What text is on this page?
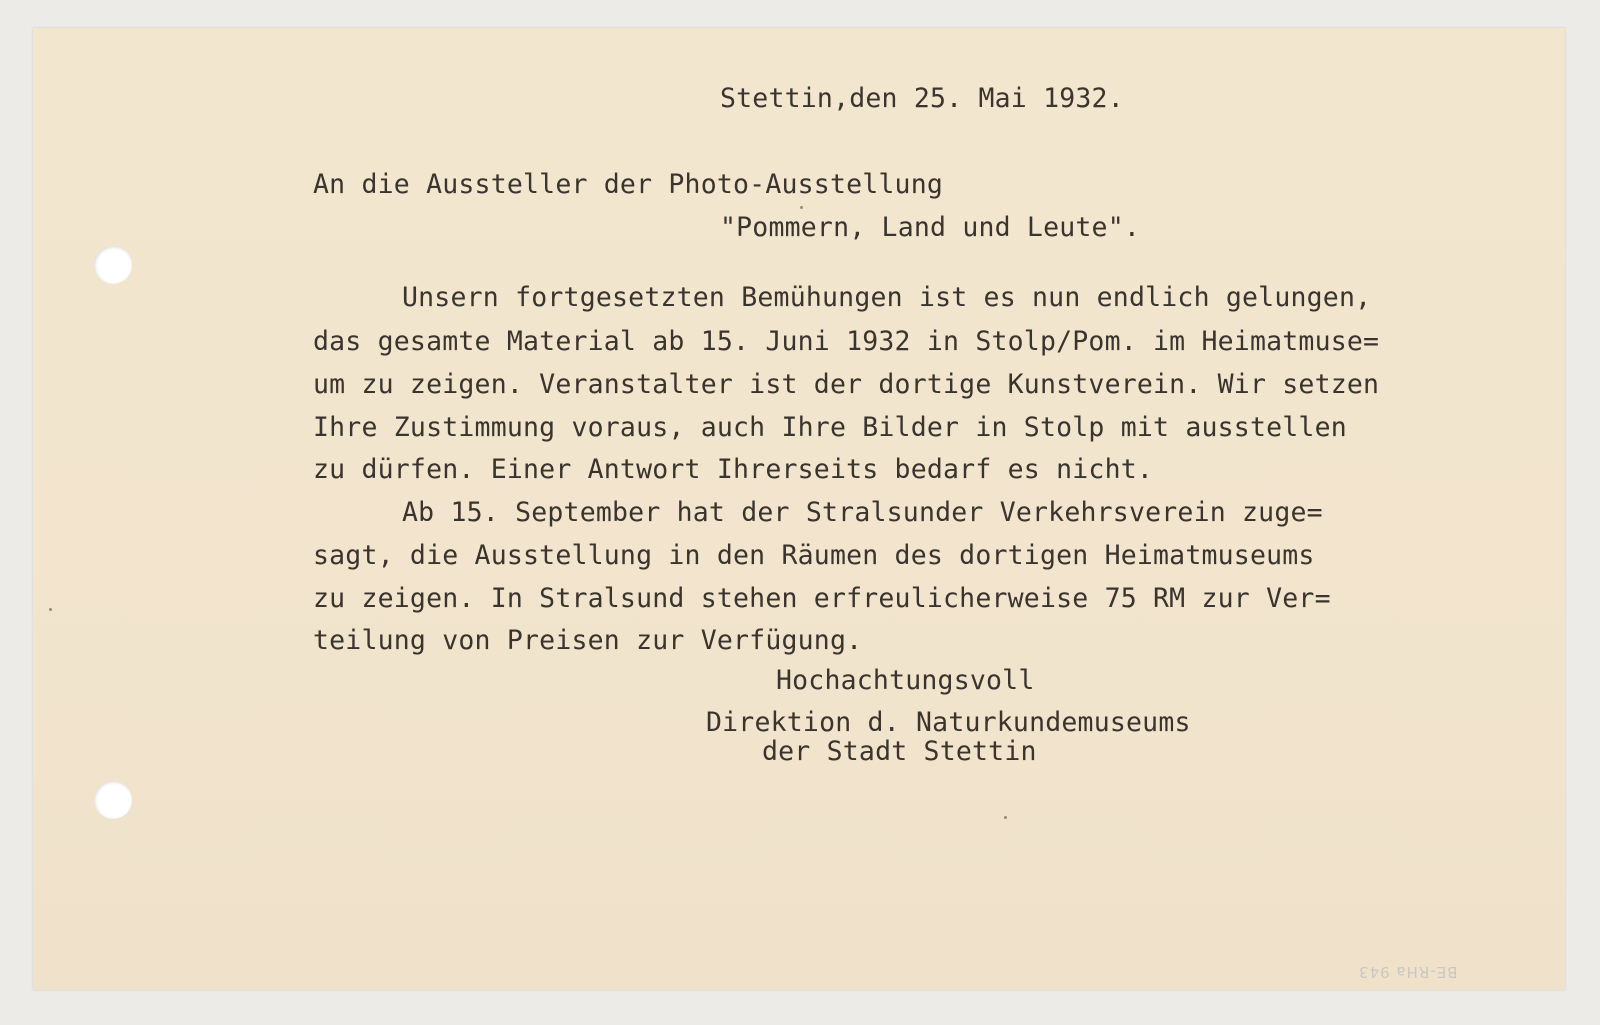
Stettin,den 25. Mai 1932.
An die Aussteller der Photo-Ausstellung
"Pommern, Land und Leute".
Unsern fortgesetzten Bemühungen ist es nun endlich gelungen,
das gesamte Material ab 15. Juni 1932 in Stolp/Pom. im Heimatmuse=
um zu zeigen. Veranstalter ist der dortige Kunstverein. Wir setzen
Ihre Zustimmung voraus, auch Ihre Bilder in Stolp mit ausstellen
zu dürfen. Einer Antwort Ihrerseits bedarf es nicht.
Ab 15. September hat der Stralsunder Verkehrsverein zuge=
sagt, die Ausstellung in den Räumen des dortigen Heimatmuseums
zu zeigen. In Stralsund stehen erfreulicherweise 75 RM zur Ver=
teilung von Preisen zur Verfügung.
Hochachtungsvoll
Direktion d. Naturkundemuseums
der Stadt Stettin
BE-RHa 943
